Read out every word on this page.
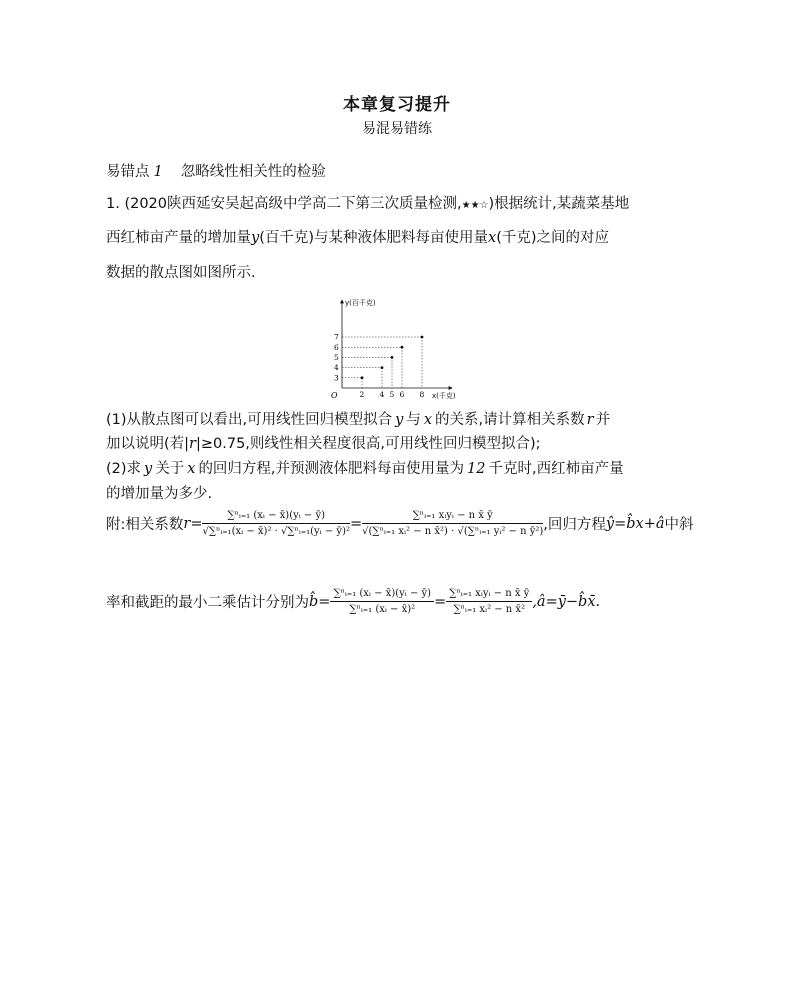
本章复习提升
易混易错练
易错点 1 忽略线性相关性的检验
1. (2020陕西延安吴起高级中学高二下第三次质量检测,★★☆)根据统计,某蔬菜基地
西红柿亩产量的增加量y(百千克)与某种液体肥料每亩使用量x(千克)之间的对应
数据的散点图如图所示.
2 4 5 6 8
3
4
5
6
7
O
y(百千克)
x(千克)
(1)从散点图可以看出,可用线性回归模型拟合 y 与 x 的关系,请计算相关系数 r 并
加以说明(若|r|≥0.75,则线性相关程度很高,可用线性回归模型拟合);
(2)求 y 关于 x 的回归方程,并预测液体肥料每亩使用量为 12 千克时,西红柿亩产量
的增加量为多少.
附:相关系数 $r = \frac{\text{∑ⁿᵢ₌₁ (xᵢ − x̄)(yᵢ − ȳ)}}{\text{√∑ⁿᵢ₌₁(xᵢ − x̄)² · √∑ⁿᵢ₌₁(yᵢ − ȳ)²}} = \frac{\text{∑ⁿᵢ₌₁ xᵢyᵢ − n x̄ ȳ}}{\text{√(∑ⁿᵢ₌₁ xᵢ² − n x̄²) · √(∑ⁿᵢ₌₁ yᵢ² − n ȳ²)}}$ ,回归方程 ŷ=b̂x+â 中斜
率和截距的最小二乘估计分别为 b̂ = $\frac{\text{∑ⁿᵢ₌₁ (xᵢ − x̄)(yᵢ − ȳ)}}{\text{∑ⁿᵢ₌₁ (xᵢ − x̄)²}} = \frac{\text{∑ⁿᵢ₌₁ xᵢyᵢ − n x̄ ȳ}}{\text{∑ⁿᵢ₌₁ xᵢ² − n x̄²}}$ ,â=ȳ−b̂x̄.
